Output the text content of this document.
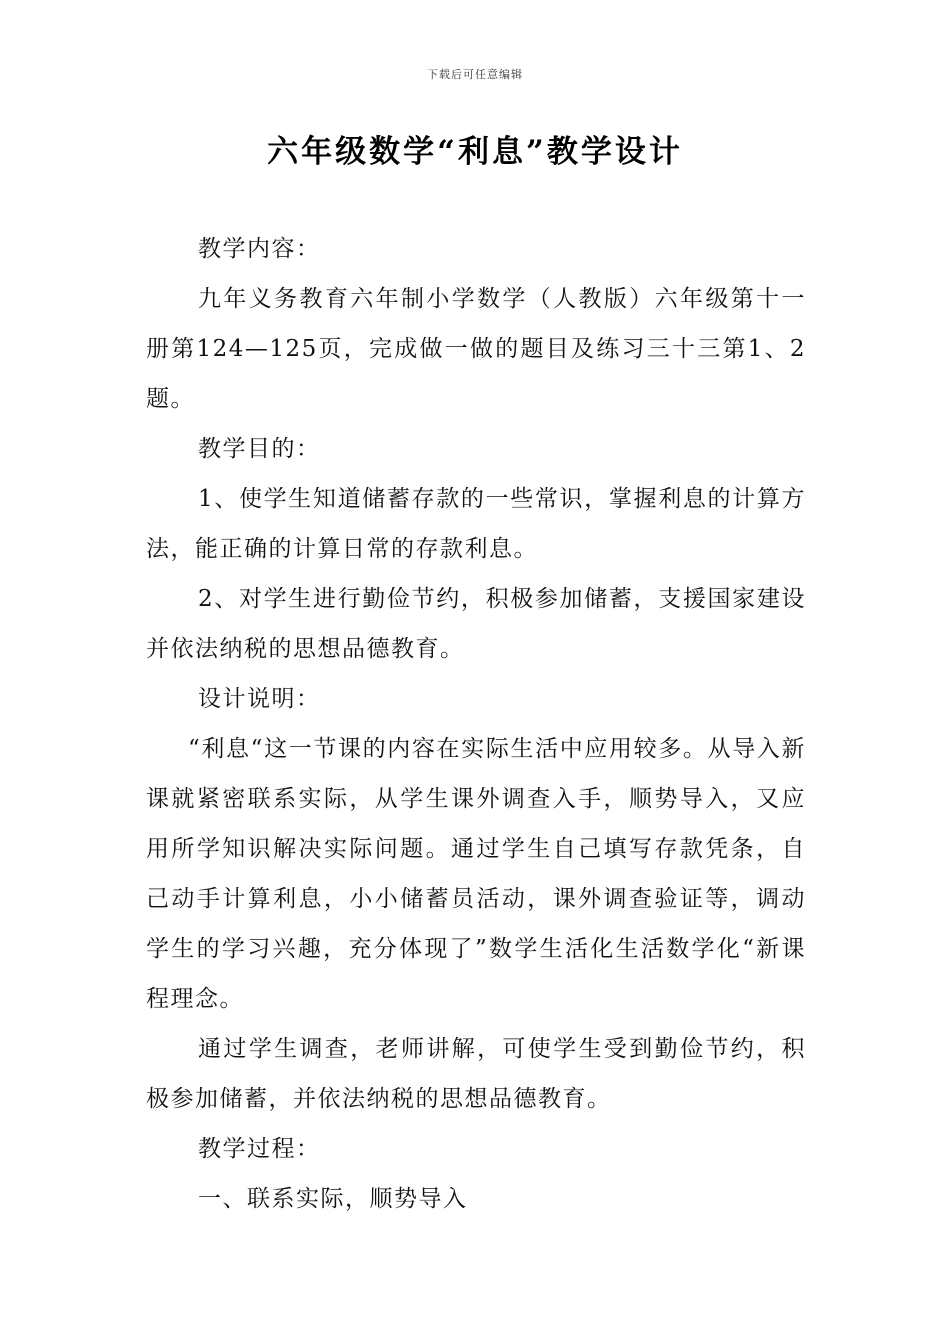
下载后可任意编辑
六年级数学“利息”教学设计

教学内容：

九年义务教育六年制小学数学（人教版）六年级第十一册第124—125页，完成做一做的题目及练习三十三第1、2题。

教学目的：

1、使学生知道储蓄存款的一些常识，掌握利息的计算方法，能正确的计算日常的存款利息。

2、对学生进行勤俭节约，积极参加储蓄，支援国家建设并依法纳税的思想品德教育。

设计说明：

“利息“这一节课的内容在实际生活中应用较多。从导入新课就紧密联系实际，从学生课外调查入手，顺势导入，又应用所学知识解决实际问题。通过学生自己填写存款凭条，自己动手计算利息，小小储蓄员活动，课外调查验证等，调动学生的学习兴趣，充分体现了”数学生活化生活数学化“新课程理念。

通过学生调查，老师讲解，可使学生受到勤俭节约，积极参加储蓄，并依法纳税的思想品德教育。

教学过程：

一、联系实际，顺势导入
